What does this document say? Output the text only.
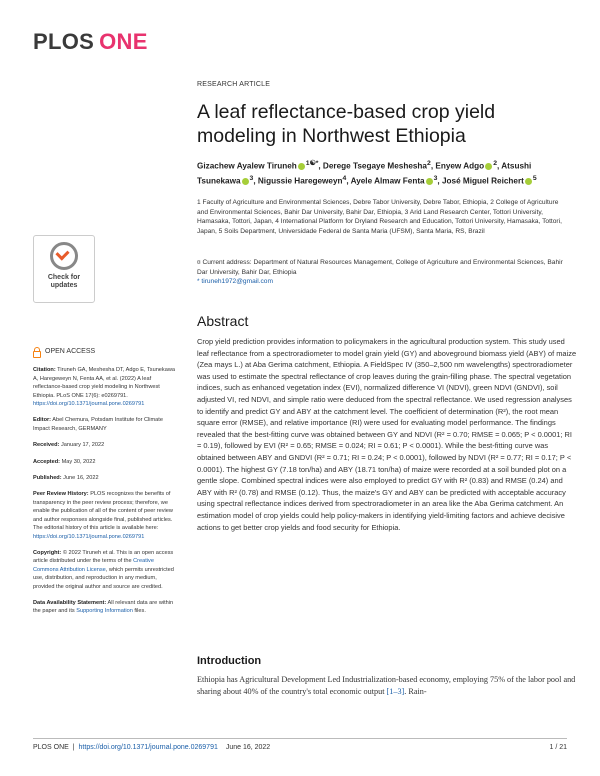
PLOS ONE
RESEARCH ARTICLE
A leaf reflectance-based crop yield modeling in Northwest Ethiopia
Gizachew Ayalew Tiruneh $^{1☯*}$, Derege Tsegaye Meshesha$^2$, Enyew Adgo $^2$, Atsushi Tsunekawa $^3$, Nigussie Haregeweyn$^4$, Ayele Almaw Fenta $^3$, José Miguel Reichert $^5$
1 Faculty of Agriculture and Environmental Sciences, Debre Tabor University, Debre Tabor, Ethiopia, 2 College of Agriculture and Environmental Sciences, Bahir Dar University, Bahir Dar, Ethiopia, 3 Arid Land Research Center, Tottori University, Hamasaka, Tottori, Japan, 4 International Platform for Dryland Research and Education, Tottori University, Hamasaka, Tottori, Japan, 5 Soils Department, Universidade Federal de Santa Maria (UFSM), Santa Maria, RS, Brazil
¤ Current address: Department of Natural Resources Management, College of Agriculture and Environmental Sciences, Bahir Dar University, Bahir Dar, Ethiopia
* tiruneh1972@gmail.com
Check for
updates
OPEN ACCESS

Citation: Tiruneh GA, Meshesha DT, Adgo E, Tsunekawa A, Haregeweyn N, Fenta AA, et al. (2022) A leaf reflectance-based crop yield modeling in Northwest Ethiopia. PLoS ONE 17(6): e0269791. https://doi.org/10.1371/journal.pone.0269791

Editor: Abel Chemura, Potsdam Institute for Climate Impact Research, GERMANY

Received: January 17, 2022

Accepted: May 30, 2022

Published: June 16, 2022

Peer Review History: PLOS recognizes the benefits of transparency in the peer review process; therefore, we enable the publication of all of the content of peer review and author responses alongside final, published articles. The editorial history of this article is available here: https://doi.org/10.1371/journal.pone.0269791

Copyright: © 2022 Tiruneh et al. This is an open access article distributed under the terms of the Creative Commons Attribution License, which permits unrestricted use, distribution, and reproduction in any medium, provided the original author and source are credited.

Data Availability Statement: All relevant data are within the paper and its Supporting Information files.

Abstract

Crop yield prediction provides information to policymakers in the agricultural production system. This study used leaf reflectance from a spectroradiometer to model grain yield (GY) and aboveground biomass yield (ABY) of maize (Zea mays L.) at Aba Gerima catchment, Ethiopia. A FieldSpec IV (350–2,500 nm wavelengths) spectroradiometer was used to estimate the spectral reflectance of crop leaves during the grain-filling phase. The spectral vegetation indices, such as enhanced vegetation index (EVI), normalized difference VI (NDVI), green NDVI (GNDVI), soil adjusted VI, red NDVI, and simple ratio were deduced from the spectral reflectance. We used regression analyses to identify and predict GY and ABY at the catchment level. The coefficient of determination (R²), the root mean square error (RMSE), and relative importance (RI) were used for evaluating model performance. The findings revealed that the best-fitting curve was obtained between GY and NDVI (R² = 0.70; RMSE = 0.065; P < 0.0001; RI = 0.19), followed by EVI (R² = 0.65; RMSE = 0.024; RI = 0.61; P < 0.0001). While the best-fitting curve was obtained between ABY and GNDVI (R² = 0.71; RI = 0.24; P < 0.0001), followed by NDVI (R² = 0.77; RI = 0.17; P < 0.0001). The highest GY (7.18 ton/ha) and ABY (18.71 ton/ha) of maize were recorded at a soil bunded plot on a gentle slope. Combined spectral indices were also employed to predict GY with R² (0.83) and RMSE (0.24) and ABY with R² (0.78) and RMSE (0.12). Thus, the maize's GY and ABY can be predicted with acceptable accuracy using spectral reflectance indices derived from spectroradiometer in an area like the Aba Gerima catchment. An estimation model of crop yields could help policy-makers in identifying yield-limiting factors and achieve decisive actions to get better crop yields and food security for Ethiopia.

Introduction

Ethiopia has Agricultural Development Led Industrialization-based economy, employing 75% of the labor pool and sharing about 40% of the country's total economic output [1–3]. Rain-

PLOS ONE | https://doi.org/10.1371/journal.pone.0269791 June 16, 2022	1 / 21
